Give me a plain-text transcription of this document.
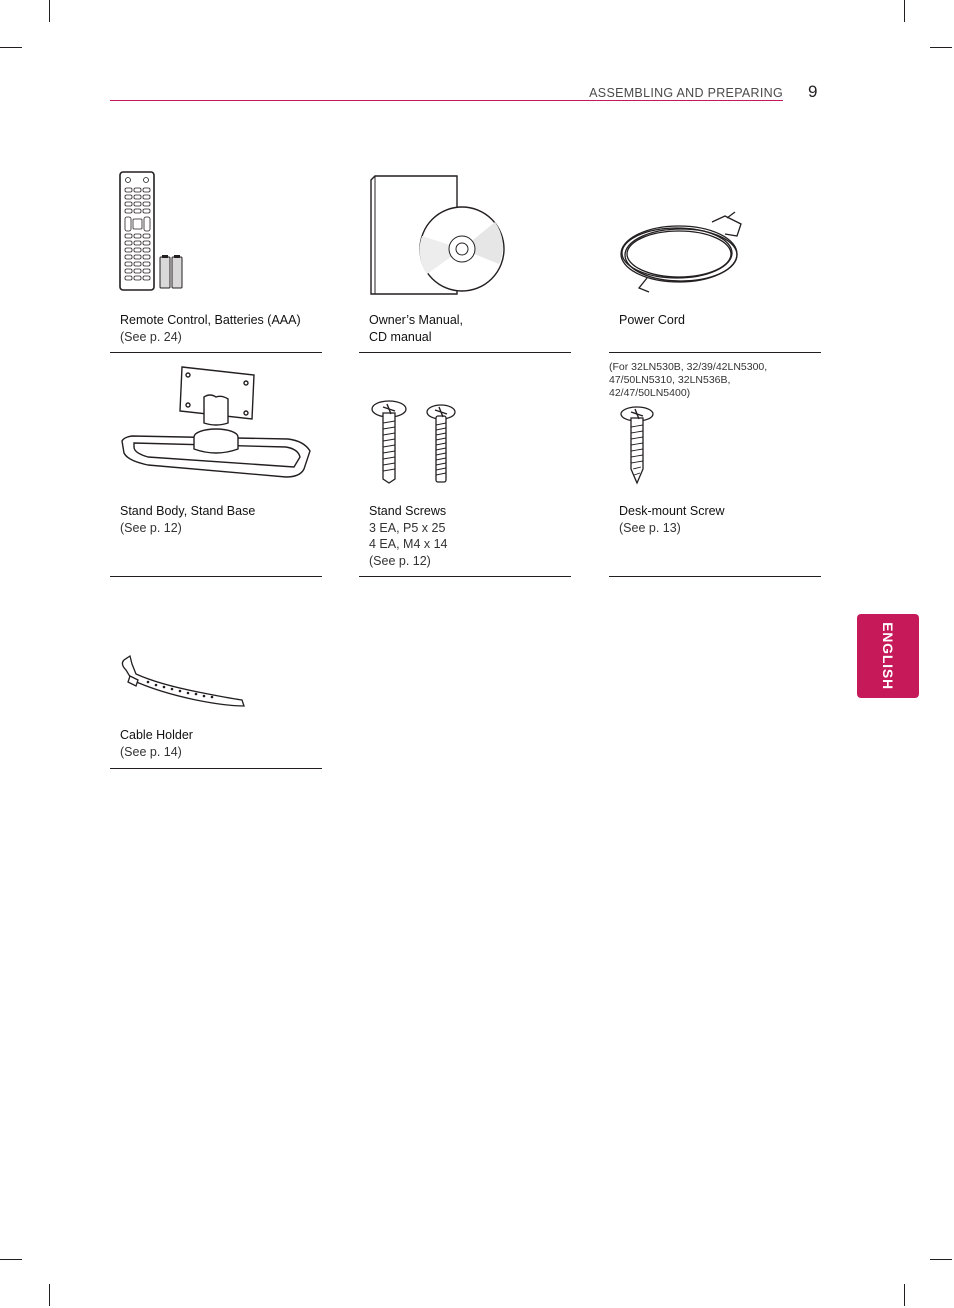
ASSEMBLING AND PREPARING 9
ENGLISH
Remote Control, Batteries (AAA)
(See p. 24)
Owner’s Manual,
CD manual
Power Cord
Stand Body, Stand Base
(See p. 12)
Stand Screws
3 EA, P5 x 25
4 EA, M4 x 14
(See p. 12)
(For 32LN530B, 32/39/42LN5300,
47/50LN5310, 32LN536B,
42/47/50LN5400)
Desk-mount Screw
(See p. 13)
Cable Holder
(See p. 14)
